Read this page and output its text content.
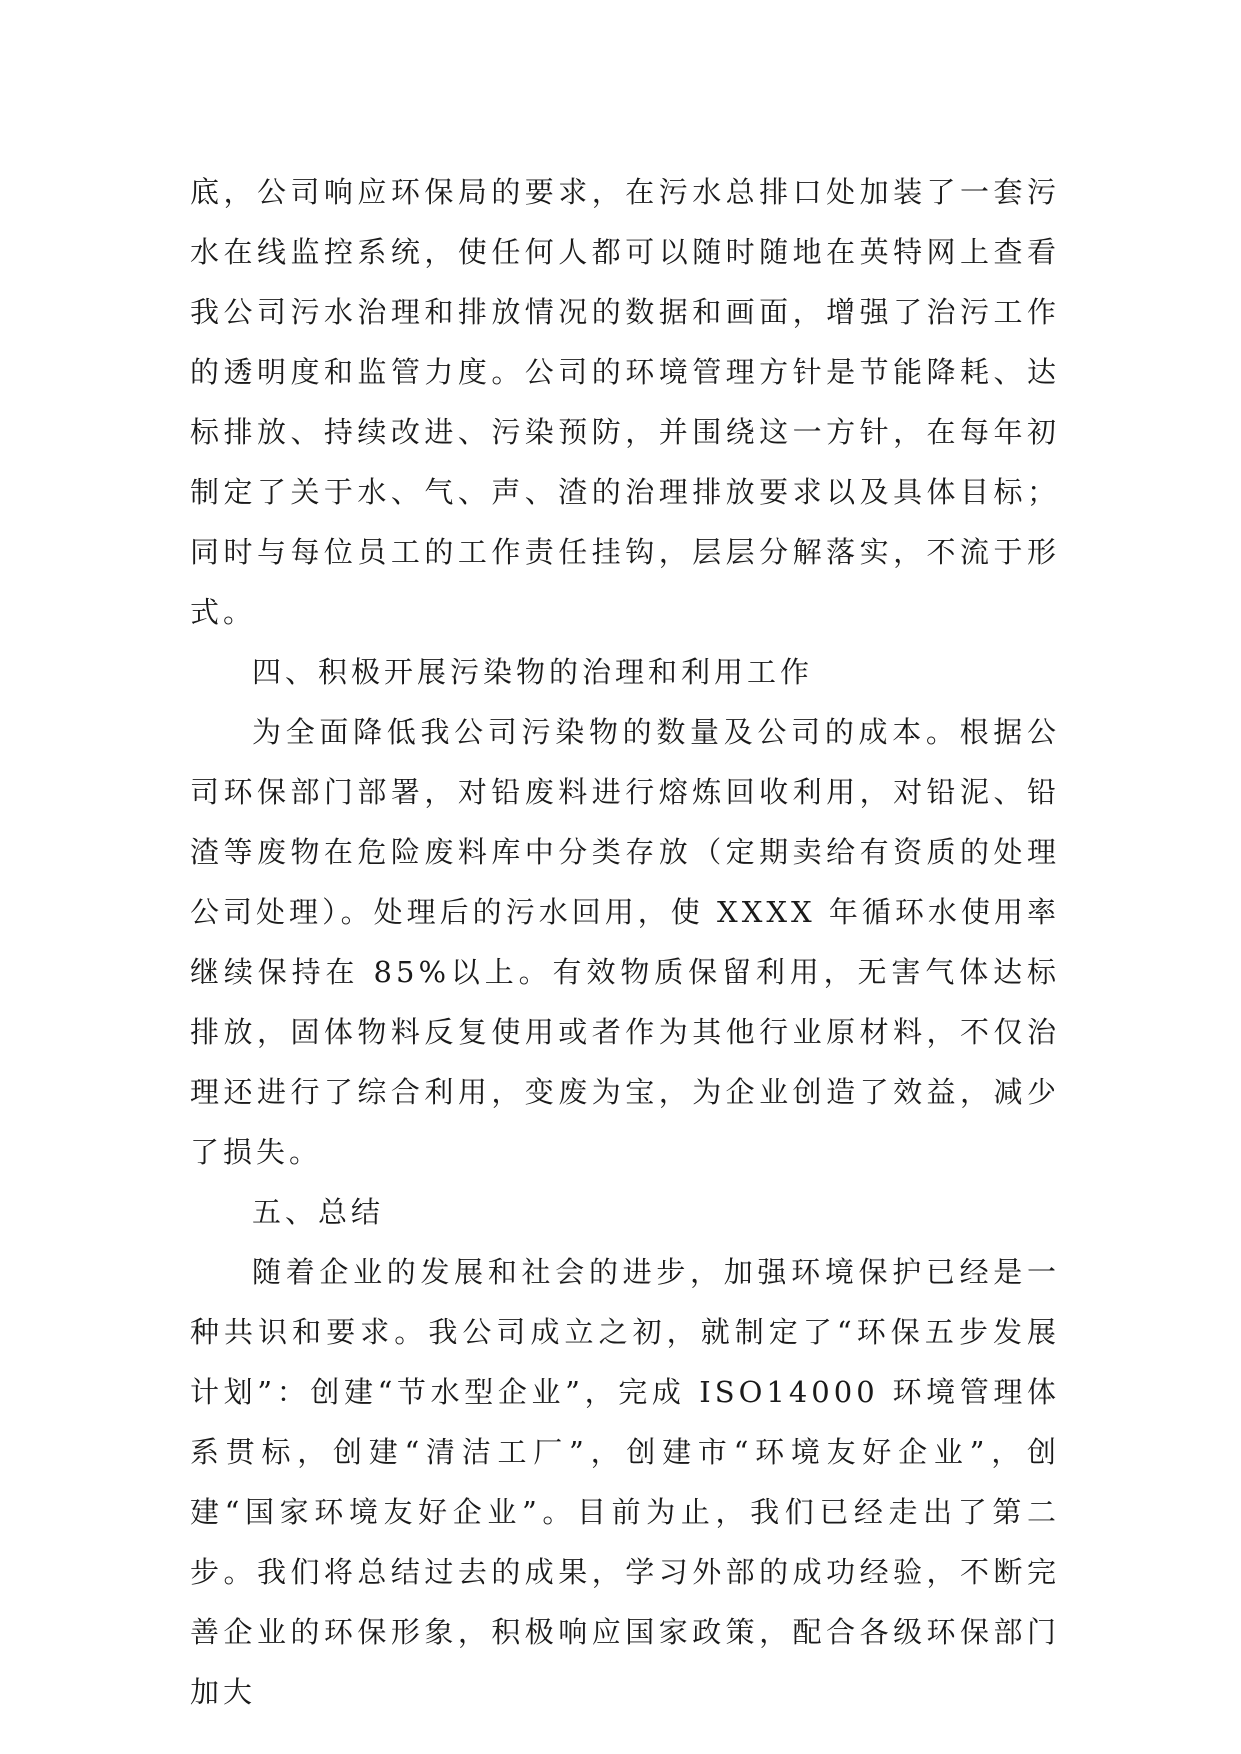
底，公司响应环保局的要求，在污水总排口处加装了一套污水在线监控系统，使任何人都可以随时随地在英特网上查看我公司污水治理和排放情况的数据和画面，增强了治污工作的透明度和监管力度。公司的环境管理方针是节能降耗、达标排放、持续改进、污染预防，并围绕这一方针，在每年初制定了关于水、气、声、渣的治理排放要求以及具体目标；同时与每位员工的工作责任挂钩，层层分解落实，不流于形式。

四、积极开展污染物的治理和利用工作

为全面降低我公司污染物的数量及公司的成本。根据公司环保部门部署，对铅废料进行熔炼回收利用，对铅泥、铅渣等废物在危险废料库中分类存放（定期卖给有资质的处理公司处理）。处理后的污水回用，使 XXXX 年循环水使用率继续保持在 85%以上。有效物质保留利用，无害气体达标排放，固体物料反复使用或者作为其他行业原材料，不仅治理还进行了综合利用，变废为宝，为企业创造了效益，减少了损失。

五、总结

随着企业的发展和社会的进步，加强环境保护已经是一种共识和要求。我公司成立之初，就制定了“环保五步发展计划”：创建“节水型企业”，完成 ISO14000 环境管理体系贯标，创建“清洁工厂”，创建市“环境友好企业”，创建“国家环境友好企业”。目前为止，我们已经走出了第二步。我们将总结过去的成果，学习外部的成功经验，不断完善企业的环保形象，积极响应国家政策，配合各级环保部门加大
